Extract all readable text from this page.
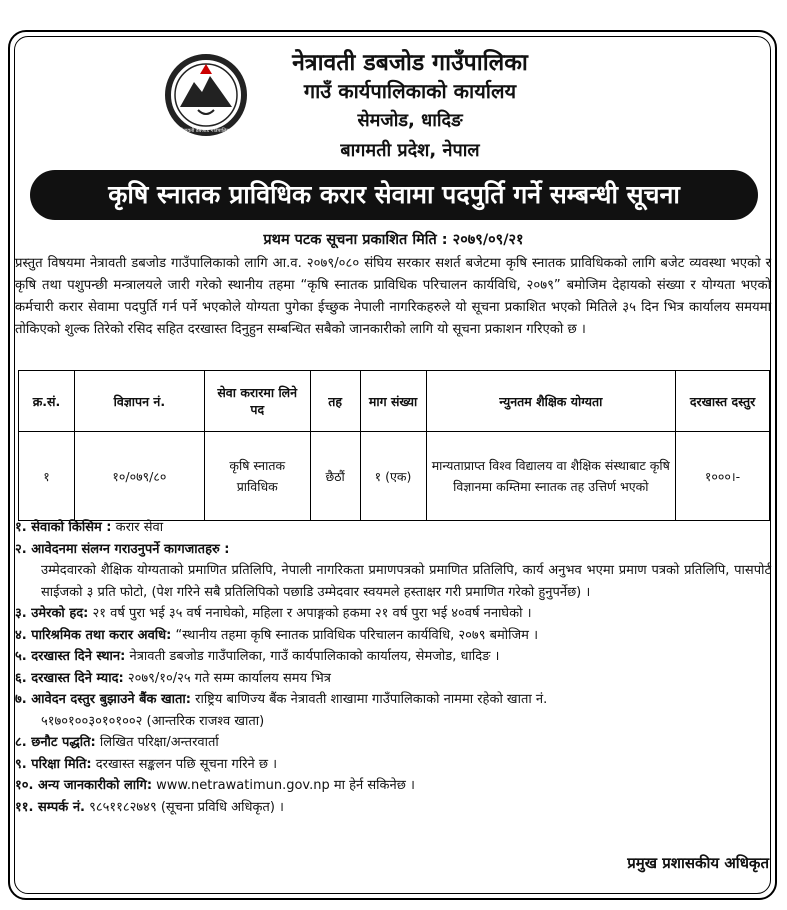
नेत्रावती डबजोड गाउँपालिका
नेत्रावती डबजोड गाउँपालिका
गाउँ कार्यपालिकाको कार्यालय
सेमजोड, धादिङ
बागमती प्रदेश, नेपाल
कृषि स्नातक प्राविधिक करार सेवामा पदपुर्ति गर्ने सम्बन्धी सूचना
प्रथम पटक सूचना प्रकाशित मिति : २०७९/०९/२१
प्रस्तुत विषयमा नेत्रावती डबजोड गाउँपालिकाको लागि आ.व. २०७९/०८० संघिय सरकार सशर्त बजेटमा कृषि स्नातक प्राविधिकको लागि बजेट व्यवस्था भएको र कृषि तथा पशुपन्छी मन्त्रालयले जारी गरेको स्थानीय तहमा “कृषि स्नातक प्राविधिक परिचालन कार्यविधि, २०७९” बमोजिम देहायको संख्या र योग्यता भएको कर्मचारी करार सेवामा पदपुर्ति गर्न पर्ने भएकोले योग्यता पुगेका ईच्छुक नेपाली नागरिकहरुले यो सूचना प्रकाशित भएको मितिले ३५ दिन भित्र कार्यालय समयमा तोकिएको शुल्क तिरेको रसिद सहित दरखास्त दिनुहुन सम्बन्धित सबैको जानकारीको लागि यो सूचना प्रकाशन गरिएको छ ।
क्र.सं.	विज्ञापन नं.	सेवा करारमा लिने पद	तह	माग संख्या	न्युनतम शैक्षिक योग्यता	दरखास्त दस्तुर
१	१०/०७९/८०	कृषि स्नातक प्राविधिक	छैठौं	१ (एक)	मान्यताप्राप्त विश्व विद्यालय वा शैक्षिक संस्थाबाट कृषि विज्ञानमा कम्तिमा स्नातक तह उत्तिर्ण भएको	१०००।-
१. सेवाको किसिम : करार सेवा
२. आवेदनमा संलग्न गराउनुपर्ने कागजातहरु :
उम्मेदवारको शैक्षिक योग्यताको प्रमाणित प्रतिलिपि, नेपाली नागरिकता प्रमाणपत्रको प्रमाणित प्रतिलिपि, कार्य अनुभव भएमा प्रमाण पत्रको प्रतिलिपि, पासपोर्ट साईजको ३ प्रति फोटो, (पेश गरिने सबै प्रतिलिपिको पछाडि उम्मेदवार स्वयमले हस्ताक्षर गरी प्रमाणित गरेको हुनुपर्नेछ) ।
३. उमेरको हद: २१ वर्ष पुरा भई ३५ वर्ष ननाघेको, महिला र अपाङ्गको हकमा २१ वर्ष पुरा भई ४०वर्ष ननाघेको ।
४. पारिश्रमिक तथा करार अवधि: “स्थानीय तहमा कृषि स्नातक प्राविधिक परिचालन कार्यविधि, २०७९ बमोजिम ।
५. दरखास्त दिने स्थान: नेत्रावती डबजोड गाउँपालिका, गाउँ कार्यपालिकाको कार्यालय, सेमजोड, धादिङ ।
६. दरखास्त दिने म्याद: २०७९/१०/२५ गते सम्म कार्यालय समय भित्र
७. आवेदन दस्तुर बुझाउने बैंक खाता: राष्ट्रिय बाणिज्य बैंक नेत्रावती शाखामा गाउँपालिकाको नाममा रहेको खाता नं.
५१७०१००३०१०१००२ (आन्तरिक राजश्व खाता)
८. छनौट पद्धति: लिखित परिक्षा/अन्तरवार्ता
९. परिक्षा मिति: दरखास्त सङ्कलन पछि सूचना गरिने छ ।
१०. अन्य जानकारीको लागि: www.netrawatimun.gov.np मा हेर्न सकिनेछ ।
११. सम्पर्क नं. ९८५११८२७४९ (सूचना प्रविधि अधिकृत) ।
प्रमुख प्रशासकीय अधिकृत
